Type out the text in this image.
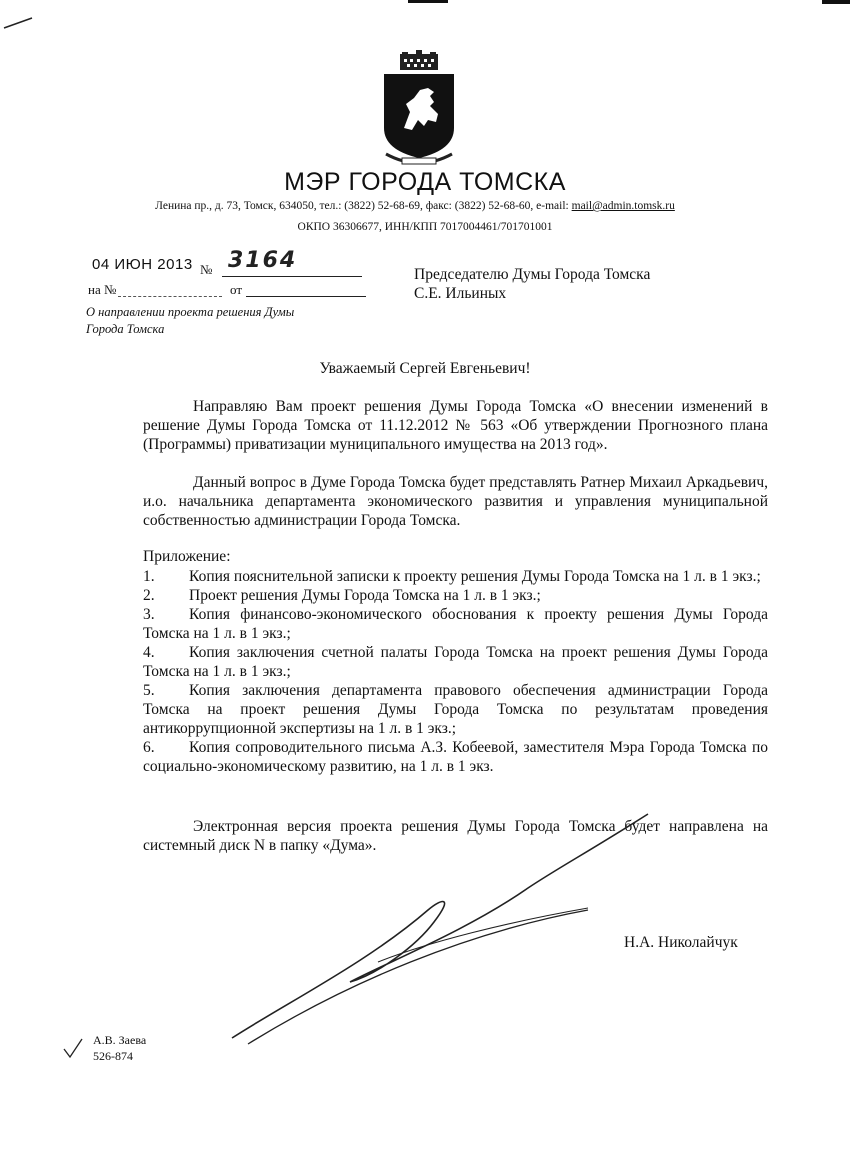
МЭР ГОРОДА ТОМСКА
Ленина пр., д. 73, Томск, 634050, тел.: (3822) 52-68-69, факс: (3822) 52-68-60, e-mail: mail@admin.tomsk.ru
ОКПО 36306677, ИНН/КПП 7017004461/701701001
04 ИЮН 2013 № 3164
на №	от
О направлении проекта решения Думы Города Томска
Председателю Думы Города Томска
С.Е. Ильиных
Уважаемый Сергей Евгеньевич!
Направляю Вам проект решения Думы Города Томска «О внесении изменений в решение Думы Города Томска от 11.12.2012 № 563 «Об утверждении Прогнозного плана (Программы) приватизации муниципального имущества на 2013 год».
Данный вопрос в Думе Города Томска будет представлять Ратнер Михаил Аркадьевич, и.о. начальника департамента экономического развития и управления муниципальной собственностью администрации Города Томска.
Приложение:
1.	Копия пояснительной записки к проекту решения Думы Города Томска на 1 л. в 1 экз.;
2.	Проект решения Думы Города Томска на 1 л. в 1 экз.;
3.	Копия финансово-экономического обоснования к проекту решения Думы Города Томска на 1 л. в 1 экз.;
4.	Копия заключения счетной палаты Города Томска на проект решения Думы Города Томска на 1 л. в 1 экз.;
5.	Копия заключения департамента правового обеспечения администрации Города Томска на проект решения Думы Города Томска по результатам проведения антикоррупционной экспертизы на 1 л. в 1 экз.;
6.	Копия сопроводительного письма А.З. Кобеевой, заместителя Мэра Города Томска по социально-экономическому развитию, на 1 л. в 1 экз.
Электронная версия проекта решения Думы Города Томска будет направлена на системный диск N в папку «Дума».
Н.А. Николайчук
А.В. Заева
526-874
